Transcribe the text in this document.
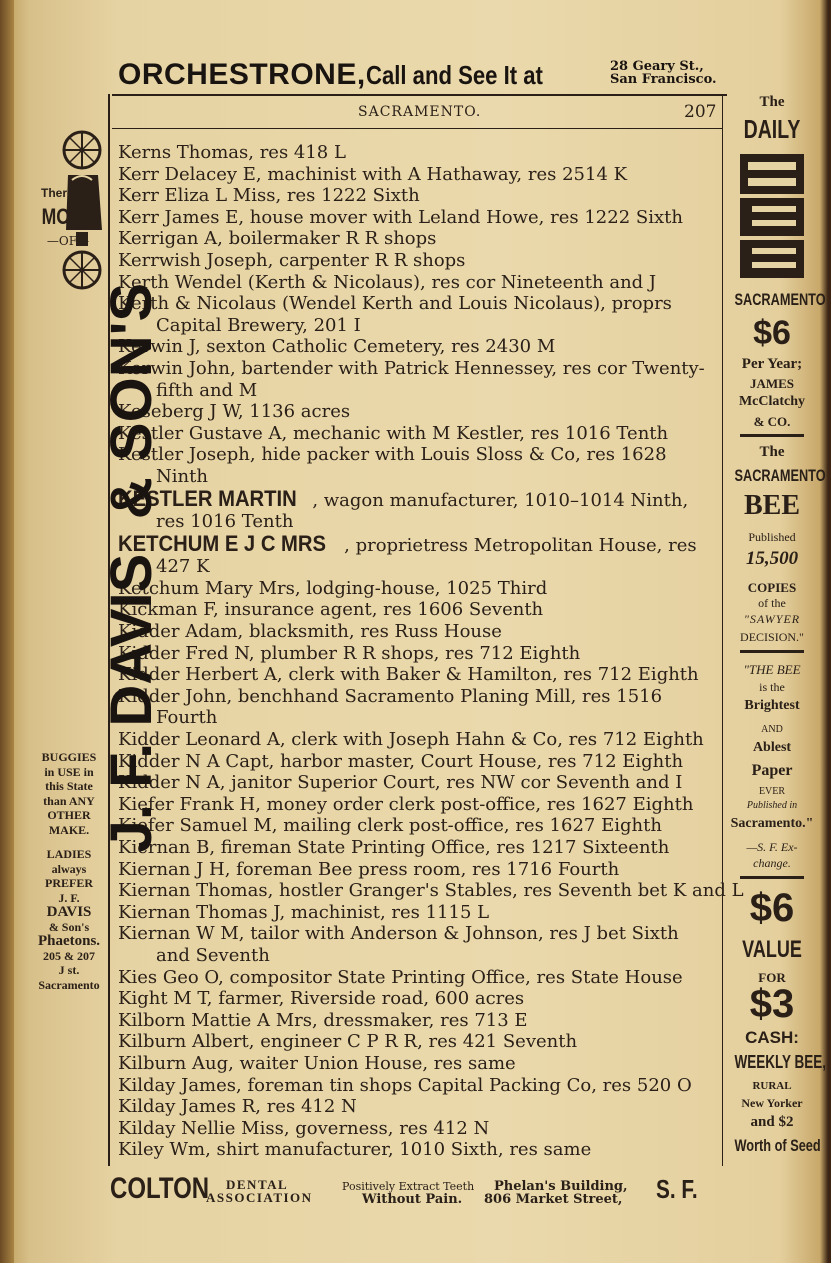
ORCHESTRONE,Call and See It at	28 Geary St.,
San Francisco.
SACRAMENTO.	207
Kerns Thomas, res 418 L
Kerr Delacey E, machinist with A Hathaway, res 2514 K
Kerr Eliza L Miss, res 1222 Sixth
Kerr James E, house mover with Leland Howe, res 1222 Sixth
Kerrigan A, boilermaker R R shops
Kerrwish Joseph, carpenter R R shops
Kerth Wendel (Kerth & Nicolaus), res cor Nineteenth and J
Kerth & Nicolaus (Wendel Kerth and Louis Nicolaus), proprs
Capital Brewery, 201 I
Kerwin J, sexton Catholic Cemetery, res 2430 M
Kerwin John, bartender with Patrick Hennessey, res cor Twenty-
fifth and M
Keseberg J W, 1136 acres
Kestler Gustave A, mechanic with M Kestler, res 1016 Tenth
Kestler Joseph, hide packer with Louis Sloss & Co, res 1628
Ninth
KESTLER MARTIN , wagon manufacturer, 1010–1014 Ninth,
res 1016 Tenth
KETCHUM E J C MRS , proprietress Metropolitan House, res
427 K
Ketchum Mary Mrs, lodging-house, 1025 Third
Kickman F, insurance agent, res 1606 Seventh
Kidder Adam, blacksmith, res Russ House
Kidder Fred N, plumber R R shops, res 712 Eighth
Kidder Herbert A, clerk with Baker & Hamilton, res 712 Eighth
Kidder John, benchhand Sacramento Planing Mill, res 1516
Fourth
Kidder Leonard A, clerk with Joseph Hahn & Co, res 712 Eighth
Kidder N A Capt, harbor master, Court House, res 712 Eighth
Kidder N A, janitor Superior Court, res NW cor Seventh and I
Kiefer Frank H, money order clerk post-office, res 1627 Eighth
Kiefer Samuel M, mailing clerk post-office, res 1627 Eighth
Kiernan B, fireman State Printing Office, res 1217 Sixteenth
Kiernan J H, foreman Bee press room, res 1716 Fourth
Kiernan Thomas, hostler Granger's Stables, res Seventh bet K and L
Kiernan Thomas J, machinist, res 1115 L
Kiernan W M, tailor with Anderson & Johnson, res J bet Sixth
and Seventh
Kies Geo O, compositor State Printing Office, res State House
Kight M T, farmer, Riverside road, 600 acres
Kilborn Mattie A Mrs, dressmaker, res 713 E
Kilburn Albert, engineer C P R R, res 421 Seventh
Kilburn Aug, waiter Union House, res same
Kilday James, foreman tin shops Capital Packing Co, res 520 O
Kilday James R, res 412 N
Kilday Nellie Miss, governess, res 412 N
Kiley Wm, shirt manufacturer, 1010 Sixth, res same
COLTON	DENTAL
ASSOCIATION
Positively Extract Teeth
Without Pain.
Phelan's Building,
806 Market Street, S. F.
There are
MORE
—OF—
J. F. DAVIS
& SON'S
BUGGIES
in USE in
this State
than ANY
OTHER
MAKE.
LADIES
always
PREFER
J. F.
DAVIS
& Son's
Phaetons.
205 & 207
J st.
Sacramento
The
DAILY
SACRAMENTO
$6
Per Year;
JAMES
McClatchy
& CO.
The
SACRAMENTO
BEE
Published
15,500
COPIES
of the
"SAWYER
DECISION."
"THE BEE
is the
Brightest
AND
Ablest
Paper
EVER
Published in
Sacramento."
—S. F. Ex-
change.
$6
VALUE
FOR
$3
CASH:
WEEKLY BEE,
RURAL
New Yorker
and $2
Worth of Seed
